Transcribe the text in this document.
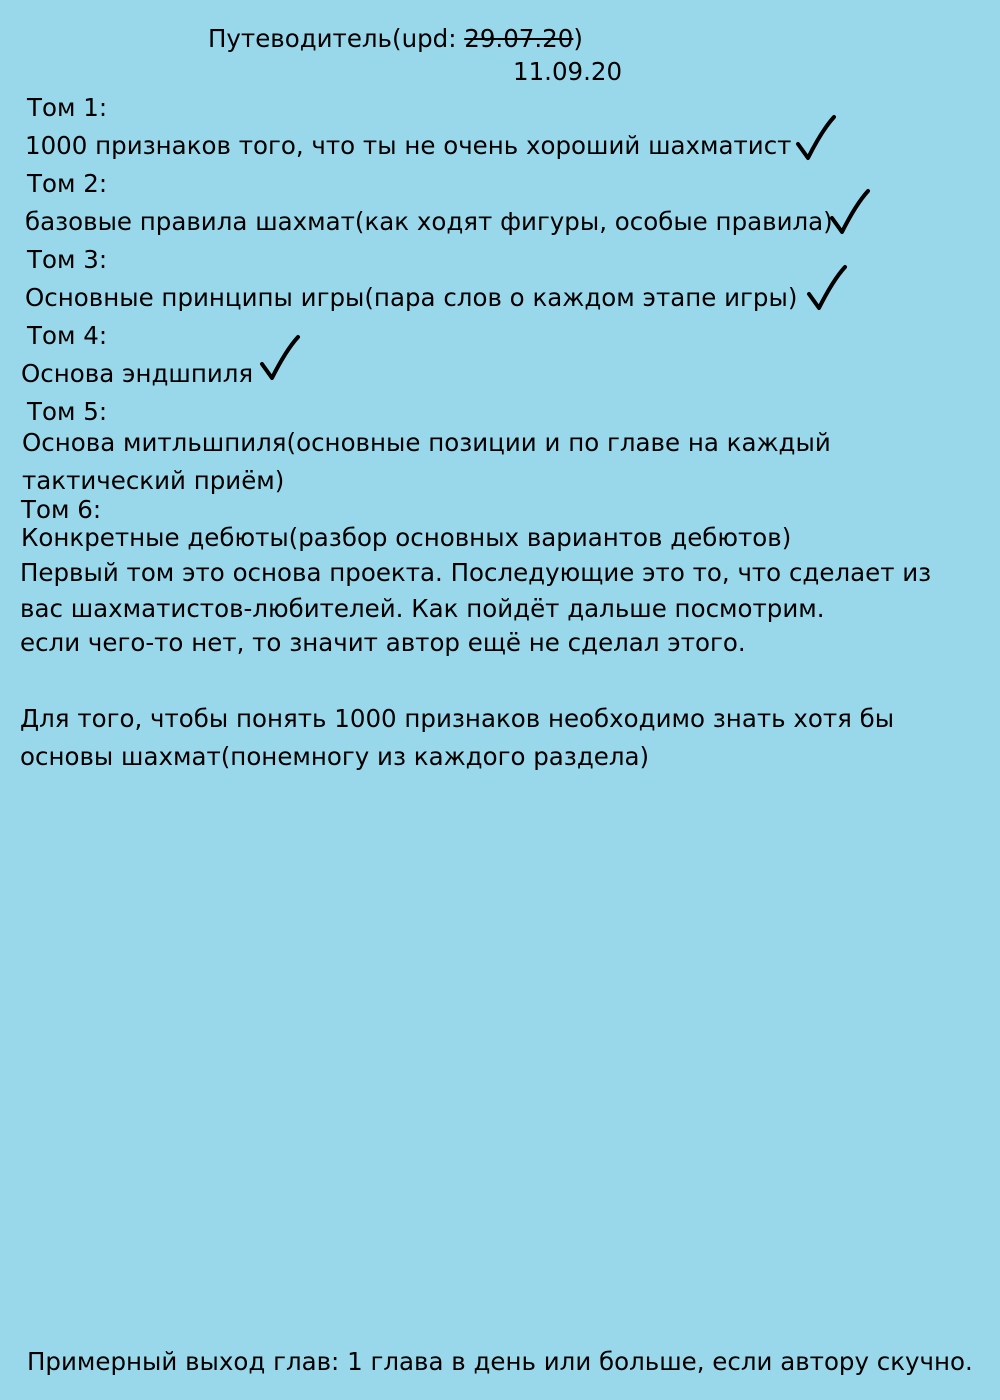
Путеводитель(upd: 29.07.20)
11.09.20
Том 1:
1000 признаков того, что ты не очень хороший шахматист
Том 2:
базовые правила шахмат(как ходят фигуры, особые правила)
Том 3:
Основные принципы игры(пара слов о каждом этапе игры)
Том 4:
Основа эндшпиля
Том 5:
Основа митльшпиля(основные позиции и по главе на каждый
тактический приём)
Том 6:
Конкретные дебюты(разбор основных вариантов дебютов)
Первый том это основа проекта. Последующие это то, что сделает из
вас шахматистов-любителей. Как пойдёт дальше посмотрим.
если чего-то нет, то значит автор ещё не сделал этого.
Для того, чтобы понять 1000 признаков необходимо знать хотя бы
основы шахмат(понемногу из каждого раздела)
Примерный выход глав: 1 глава в день или больше, если автору скучно.
